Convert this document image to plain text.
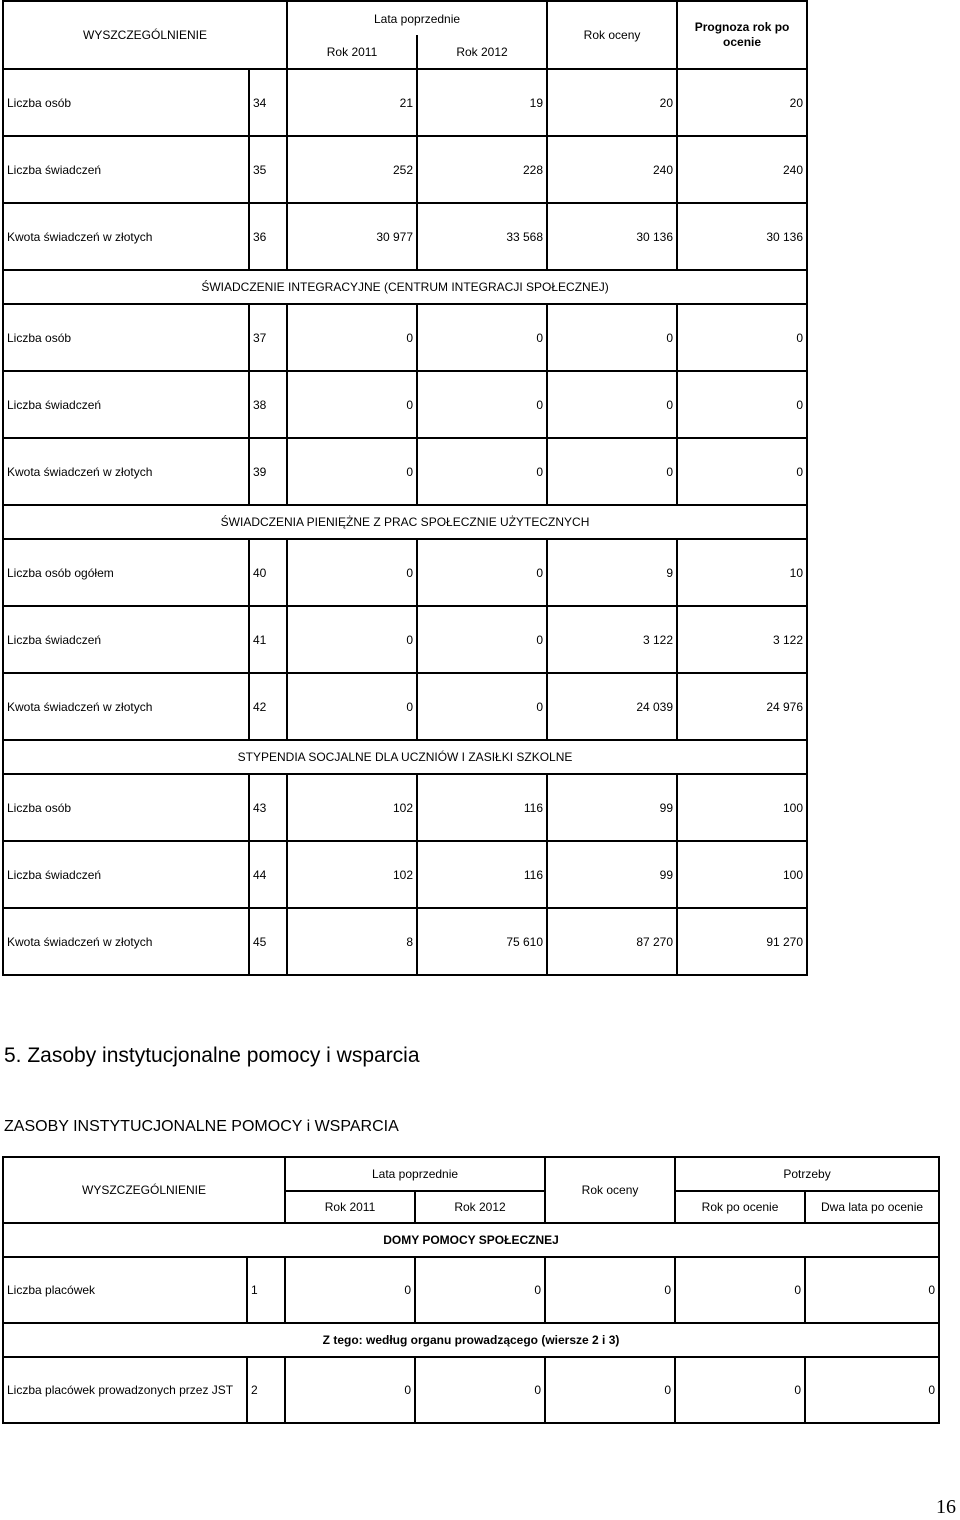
WYSZCZEGÓLNIENIE		Lata poprzednie		Rok oceny	Prognoza rok po ocenie
		Rok 2011	Rok 2012		
Liczba osób	34	21	19	20	20
Liczba świadczeń	35	252	228	240	240
Kwota świadczeń w złotych	36	30 977	33 568	30 136	30 136
ŚWIADCZENIE INTEGRACYJNE (CENTRUM INTEGRACJI SPOŁECZNEJ)					
Liczba osób	37	0	0	0	0
Liczba świadczeń	38	0	0	0	0
Kwota świadczeń w złotych	39	0	0	0	0
ŚWIADCZENIA PIENIĘŻNE Z PRAC SPOŁECZNIE UŻYTECZNYCH					
Liczba osób ogółem	40	0	0	9	10
Liczba świadczeń	41	0	0	3 122	3 122
Kwota świadczeń w złotych	42	0	0	24 039	24 976
STYPENDIA SOCJALNE DLA UCZNIÓW I ZASIŁKI SZKOLNE					
Liczba osób	43	102	116	99	100
Liczba świadczeń	44	102	116	99	100
Kwota świadczeń w złotych	45	8	75 610	87 270	91 270
5. Zasoby instytucjonalne pomocy i wsparcia
ZASOBY INSTYTUCJONALNE POMOCY i WSPARCIA
WYSZCZEGÓLNIENIE		Lata poprzednie		Rok oceny	Potrzeby	
		Rok 2011	Rok 2012		Rok po ocenie	Dwa lata po ocenie
DOMY POMOCY SPOŁECZNEJ						
Liczba placówek	1	0	0	0	0	0
Z tego: według organu prowadzącego (wiersze 2 i 3)						
Liczba placówek prowadzonych przez JST	2	0	0	0	0	0
16
